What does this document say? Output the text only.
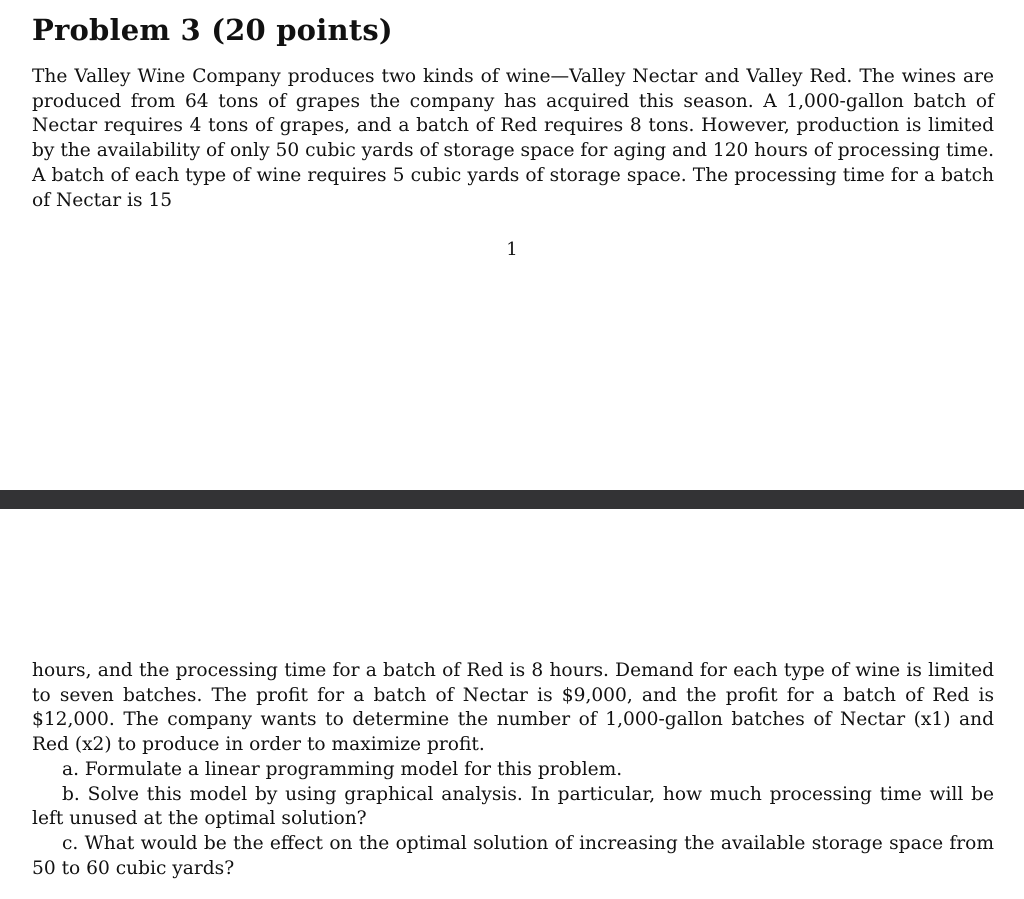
Problem 3 (20 points)

The Valley Wine Company produces two kinds of wine—Valley Nectar and Valley Red. The wines are produced from 64 tons of grapes the company has acquired this season. A 1,000-gallon batch of Nectar requires 4 tons of grapes, and a batch of Red requires 8 tons. However, production is limited by the availability of only 50 cubic yards of storage space for aging and 120 hours of processing time. A batch of each type of wine requires 5 cubic yards of storage space. The processing time for a batch of Nectar is 15

1

hours, and the processing time for a batch of Red is 8 hours. Demand for each type of wine is limited to seven batches. The profit for a batch of Nectar is $9,000, and the profit for a batch of Red is $12,000. The company wants to determine the number of 1,000-gallon batches of Nectar (x1) and Red (x2) to produce in order to maximize profit.

a. Formulate a linear programming model for this problem.

b. Solve this model by using graphical analysis. In particular, how much processing time will be left unused at the optimal solution?

c. What would be the effect on the optimal solution of increasing the available storage space from 50 to 60 cubic yards?
